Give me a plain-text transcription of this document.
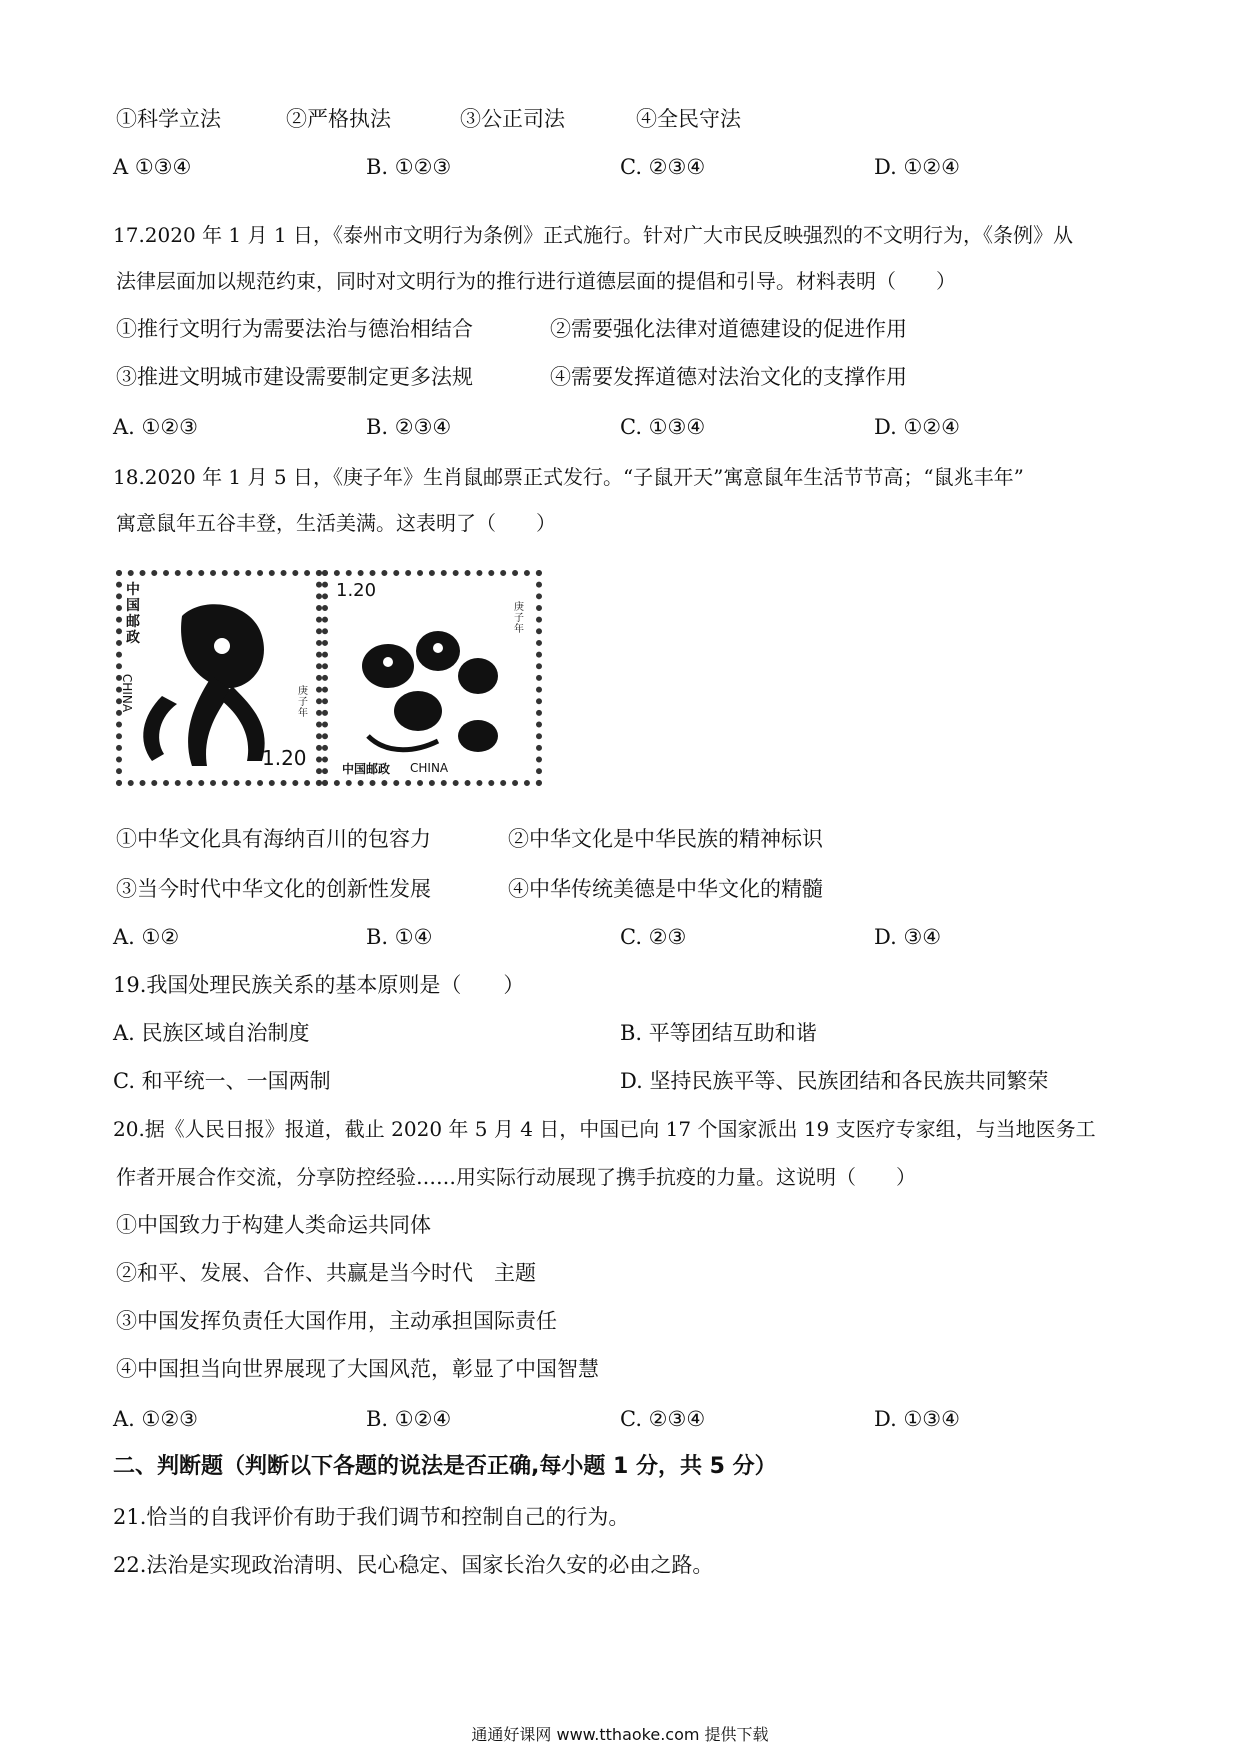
①科学立法	②严格执法	③公正司法	④全民守法
A ①③④	B. ①②③	C. ②③④	D. ①②④
17.2020 年 1 月 1 日，《泰州市文明行为条例》正式施行。针对广大市民反映强烈的不文明行为，《条例》从
法律层面加以规范约束，同时对文明行为的推行进行道德层面的提倡和引导。材料表明（　　）
①推行文明行为需要法治与德治相结合	②需要强化法律对道德建设的促进作用
③推进文明城市建设需要制定更多法规	④需要发挥道德对法治文化的支撑作用
A. ①②③	B. ②③④	C. ①③④	D. ①②④
18.2020 年 1 月 5 日，《庚子年》生肖鼠邮票正式发行。“子鼠开天”寓意鼠年生活节节高；“鼠兆丰年”
寓意鼠年五谷丰登，生活美满。这表明了（　　）
中国邮政
CHINA
1.20
庚子年
1.20
庚子年
中国邮政 CHINA
①中华文化具有海纳百川的包容力	②中华文化是中华民族的精神标识
③当今时代中华文化的创新性发展	④中华传统美德是中华文化的精髓
A. ①②	B. ①④	C. ②③	D. ③④
19.我国处理民族关系的基本原则是（　　）
A. 民族区域自治制度	B. 平等团结互助和谐
C. 和平统一、一国两制	D. 坚持民族平等、民族团结和各民族共同繁荣
20.据《人民日报》报道，截止 2020 年 5 月 4 日，中国已向 17 个国家派出 19 支医疗专家组，与当地医务工
作者开展合作交流，分享防控经验……用实际行动展现了携手抗疫的力量。这说明（　　）
①中国致力于构建人类命运共同体
②和平、发展、合作、共赢是当今时代　主题
③中国发挥负责任大国作用，主动承担国际责任
④中国担当向世界展现了大国风范，彰显了中国智慧
A. ①②③	B. ①②④	C. ②③④	D. ①③④
二、判断题（判断以下各题的说法是否正确,每小题 1 分，共 5 分）
21.恰当的自我评价有助于我们调节和控制自己的行为。
22.法治是实现政治清明、民心稳定、国家长治久安的必由之路。
通通好课网 www.tthaoke.com 提供下载
